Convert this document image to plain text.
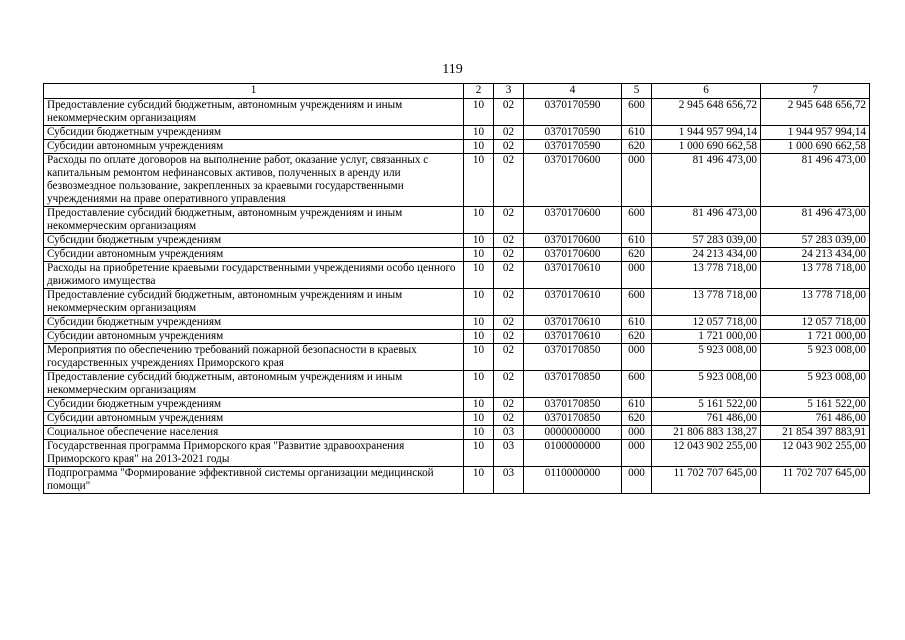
119
1	2	3	4	5	6	7
Предоставление субсидий бюджетным, автономным учреждениям и иным некоммерческим организациям	10	02	0370170590	600	2 945 648 656,72	2 945 648 656,72
Субсидии бюджетным учреждениям	10	02	0370170590	610	1 944 957 994,14	1 944 957 994,14
Субсидии автономным учреждениям	10	02	0370170590	620	1 000 690 662,58	1 000 690 662,58
Расходы по оплате договоров на выполнение работ, оказание услуг, связанных с капитальным ремонтом нефинансовых активов, полученных в аренду или безвозмездное пользование, закрепленных за краевыми государственными учреждениями на праве оперативного управления	10	02	0370170600	000	81 496 473,00	81 496 473,00
Предоставление субсидий бюджетным, автономным учреждениям и иным некоммерческим организациям	10	02	0370170600	600	81 496 473,00	81 496 473,00
Субсидии бюджетным учреждениям	10	02	0370170600	610	57 283 039,00	57 283 039,00
Субсидии автономным учреждениям	10	02	0370170600	620	24 213 434,00	24 213 434,00
Расходы на приобретение краевыми государственными учреждениями особо ценного движимого имущества	10	02	0370170610	000	13 778 718,00	13 778 718,00
Предоставление субсидий бюджетным, автономным учреждениям и иным некоммерческим организациям	10	02	0370170610	600	13 778 718,00	13 778 718,00
Субсидии бюджетным учреждениям	10	02	0370170610	610	12 057 718,00	12 057 718,00
Субсидии автономным учреждениям	10	02	0370170610	620	1 721 000,00	1 721 000,00
Мероприятия по обеспечению требований пожарной безопасности в краевых государственных учреждениях Приморского края	10	02	0370170850	000	5 923 008,00	5 923 008,00
Предоставление субсидий бюджетным, автономным учреждениям и иным некоммерческим организациям	10	02	0370170850	600	5 923 008,00	5 923 008,00
Субсидии бюджетным учреждениям	10	02	0370170850	610	5 161 522,00	5 161 522,00
Субсидии автономным учреждениям	10	02	0370170850	620	761 486,00	761 486,00
Социальное обеспечение населения	10	03	0000000000	000	21 806 883 138,27	21 854 397 883,91
Государственная программа Приморского края "Развитие здравоохранения Приморского края" на 2013-2021 годы	10	03	0100000000	000	12 043 902 255,00	12 043 902 255,00
Подпрограмма "Формирование эффективной системы организации медицинской помощи"	10	03	0110000000	000	11 702 707 645,00	11 702 707 645,00
